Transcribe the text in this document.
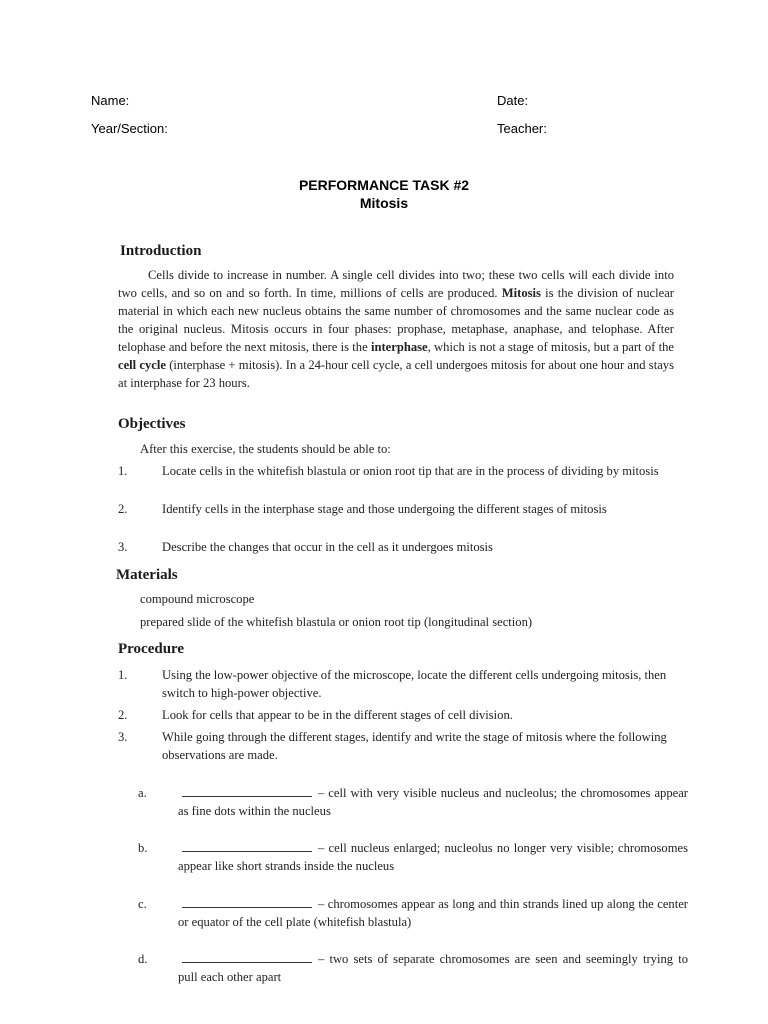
Name:	Date:
Year/Section:	Teacher:
PERFORMANCE TASK #2
Mitosis
Introduction
Cells divide to increase in number. A single cell divides into two; these two cells will each divide into two cells, and so on and so forth. In time, millions of cells are produced. Mitosis is the division of nuclear material in which each new nucleus obtains the same number of chromosomes and the same nuclear code as the original nucleus. Mitosis occurs in four phases: prophase, metaphase, anaphase, and telophase. After telophase and before the next mitosis, there is the interphase, which is not a stage of mitosis, but a part of the cell cycle (interphase + mitosis). In a 24-hour cell cycle, a cell undergoes mitosis for about one hour and stays at interphase for 23 hours.
Objectives
After this exercise, the students should be able to:
1.	Locate cells in the whitefish blastula or onion root tip that are in the process of dividing by mitosis
2.	Identify cells in the interphase stage and those undergoing the different stages of mitosis
3.	Describe the changes that occur in the cell as it undergoes mitosis
Materials
compound microscope
prepared slide of the whitefish blastula or onion root tip (longitudinal section)
Procedure
1.	Using the low-power objective of the microscope, locate the different cells undergoing mitosis, then switch to high-power objective.
2.	Look for cells that appear to be in the different stages of cell division.
3.	While going through the different stages, identify and write the stage of mitosis where the following observations are made.
a.	– cell with very visible nucleus and nucleolus; the chromosomes appear as fine dots within the nucleus
b.	– cell nucleus enlarged; nucleolus no longer very visible; chromosomes appear like short strands inside the nucleus
c.	– chromosomes appear as long and thin strands lined up along the center or equator of the cell plate (whitefish blastula)
d.	– two sets of separate chromosomes are seen and seemingly trying to pull each other apart
